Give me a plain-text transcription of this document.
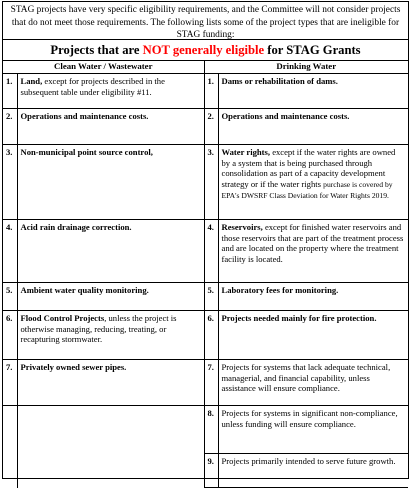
STAG projects have very specific eligibility requirements, and the Committee will not consider projects that do not meet those requirements. The following lists some of the project types that are ineligible for STAG funding:
Projects that are NOT generally eligible for STAG Grants
Clean Water / Wastewater		Drinking Water	
1.	Land, except for projects described in the subsequent table under eligibility #11.	1.	Dams or rehabilitation of dams.
2.	Operations and maintenance costs.	2.	Operations and maintenance costs.
3.	Non-municipal point source control,	3.	Water rights, except if the water rights are owned by a system that is being purchased through consolidation as part of a capacity development strategy or if the water rights purchase is covered by EPA's DWSRF Class Deviation for Water Rights 2019.
4.	Acid rain drainage correction.	4.	Reservoirs, except for finished water reservoirs and those reservoirs that are part of the treatment process and are located on the property where the treatment facility is located.
5.	Ambient water quality monitoring.	5.	Laboratory fees for monitoring.
6.	Flood Control Projects, unless the project is otherwise managing, reducing, treating, or recapturing stormwater.	6.	Projects needed mainly for fire protection.
7.	Privately owned sewer pipes.	7.	Projects for systems that lack adequate technical, managerial, and financial capability, unless assistance will ensure compliance.
		8.	Projects for systems in significant non-compliance, unless funding will ensure compliance.
		9.	Projects primarily intended to serve future growth.
